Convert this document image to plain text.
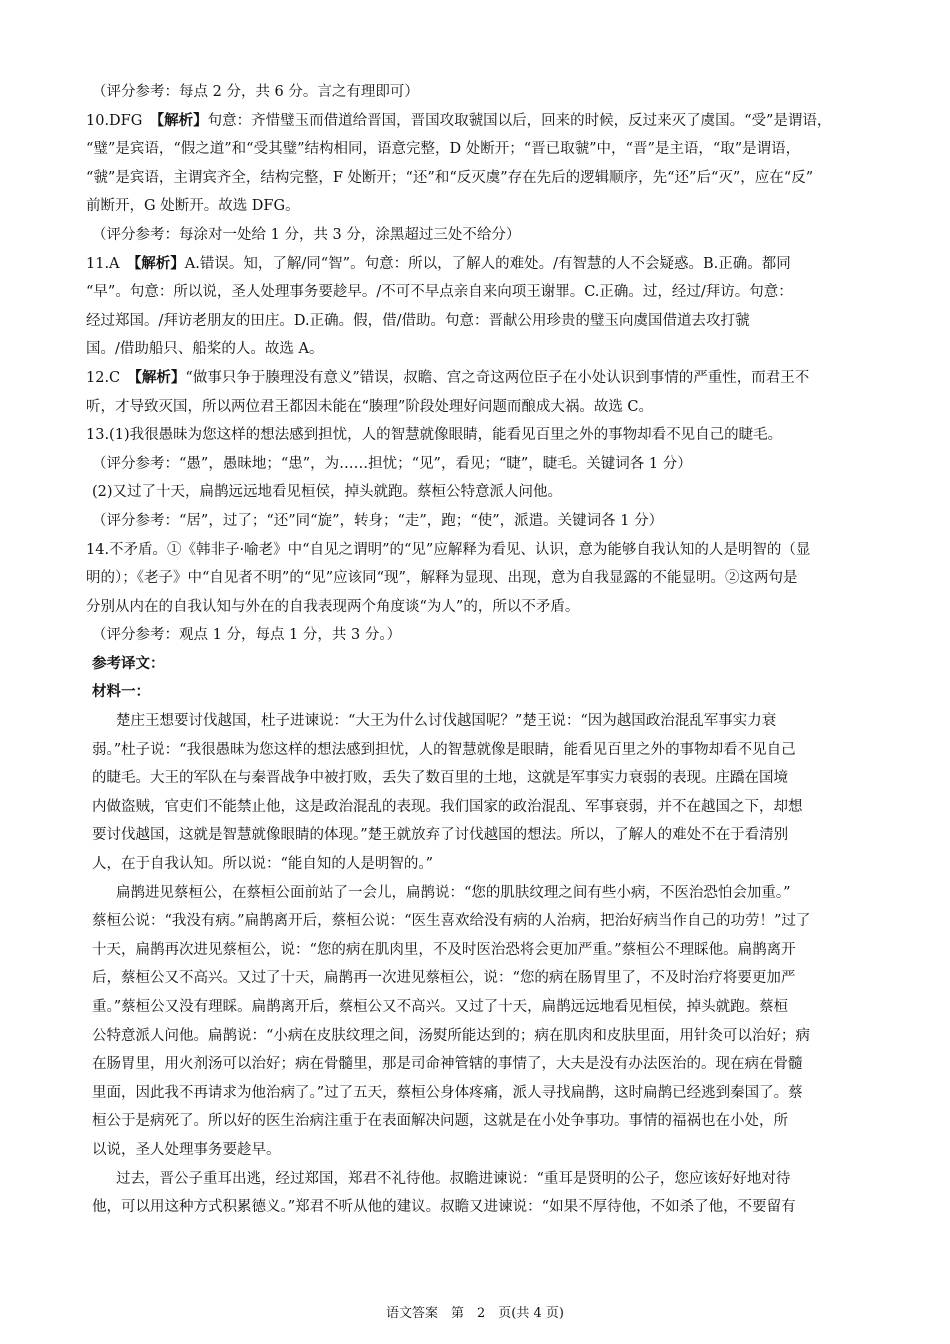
（评分参考：每点 2 分，共 6 分。言之有理即可）
10.DFG　【解析】句意：齐惜璧玉而借道给晋国，晋国攻取虢国以后，回来的时候，反过来灭了虞国。“受”是谓语，
“璧”是宾语，“假之道”和“受其璧”结构相同，语意完整，D 处断开；“晋已取虢”中，“晋”是主语，“取”是谓语，
“虢”是宾语，主谓宾齐全，结构完整，F 处断开；“还”和“反灭虞”存在先后的逻辑顺序，先“还”后“灭”，应在“反”
前断开，G 处断开。故选 DFG。
（评分参考：每涂对一处给 1 分，共 3 分，涂黑超过三处不给分）
11.A　【解析】A.错误。知，了解/同“智”。句意：所以，了解人的难处。/有智慧的人不会疑惑。B.正确。都同
“早”。句意：所以说，圣人处理事务要趁早。/不可不早点亲自来向项王谢罪。C.正确。过，经过/拜访。句意：
经过郑国。/拜访老朋友的田庄。D.正确。假，借/借助。句意：晋献公用珍贵的璧玉向虞国借道去攻打虢
国。/借助船只、船桨的人。故选 A。
12.C　【解析】“做事只争于腠理没有意义”错误，叔瞻、宫之奇这两位臣子在小处认识到事情的严重性，而君王不
听，才导致灭国，所以两位君王都因未能在“腠理”阶段处理好问题而酿成大祸。故选 C。
13.(1)我很愚昧为您这样的想法感到担忧，人的智慧就像眼睛，能看见百里之外的事物却看不见自己的睫毛。
（评分参考：“愚”，愚昧地；“患”，为……担忧；“见”，看见；“睫”，睫毛。关键词各 1 分）
(2)又过了十天，扁鹊远远地看见桓侯，掉头就跑。蔡桓公特意派人问他。
（评分参考：“居”，过了；“还”同“旋”，转身；“走”，跑；“使”，派遣。关键词各 1 分）
14.不矛盾。①《韩非子·喻老》中“自见之谓明”的“见”应解释为看见、认识，意为能够自我认知的人是明智的（显
明的）；《老子》中“自见者不明”的“见”应该同“现”，解释为显现、出现，意为自我显露的不能显明。②这两句是
分别从内在的自我认知与外在的自我表现两个角度谈“为人”的，所以不矛盾。
（评分参考：观点 1 分，每点 1 分，共 3 分。）
参考译文：
材料一：
楚庄王想要讨伐越国，杜子进谏说：“大王为什么讨伐越国呢？”楚王说：“因为越国政治混乱军事实力衰
弱。”杜子说：“我很愚昧为您这样的想法感到担忧，人的智慧就像是眼睛，能看见百里之外的事物却看不见自己
的睫毛。大王的军队在与秦晋战争中被打败，丢失了数百里的土地，这就是军事实力衰弱的表现。庄蹻在国境
内做盗贼，官吏们不能禁止他，这是政治混乱的表现。我们国家的政治混乱、军事衰弱，并不在越国之下，却想
要讨伐越国，这就是智慧就像眼睛的体现。”楚王就放弃了讨伐越国的想法。所以，了解人的难处不在于看清别
人，在于自我认知。所以说：“能自知的人是明智的。”
扁鹊进见蔡桓公，在蔡桓公面前站了一会儿，扁鹊说：“您的肌肤纹理之间有些小病，不医治恐怕会加重。”
蔡桓公说：“我没有病。”扁鹊离开后，蔡桓公说：“医生喜欢给没有病的人治病，把治好病当作自己的功劳！”过了
十天，扁鹊再次进见蔡桓公，说：“您的病在肌肉里，不及时医治恐将会更加严重。”蔡桓公不理睬他。扁鹊离开
后，蔡桓公又不高兴。又过了十天，扁鹊再一次进见蔡桓公，说：“您的病在肠胃里了，不及时治疗将要更加严
重。”蔡桓公又没有理睬。扁鹊离开后，蔡桓公又不高兴。又过了十天，扁鹊远远地看见桓侯，掉头就跑。蔡桓
公特意派人问他。扁鹊说：“小病在皮肤纹理之间，汤熨所能达到的；病在肌肉和皮肤里面，用针灸可以治好；病
在肠胃里，用火剂汤可以治好；病在骨髓里，那是司命神管辖的事情了，大夫是没有办法医治的。现在病在骨髓
里面，因此我不再请求为他治病了。”过了五天，蔡桓公身体疼痛，派人寻找扁鹊，这时扁鹊已经逃到秦国了。蔡
桓公于是病死了。所以好的医生治病注重于在表面解决问题，这就是在小处争事功。事情的福祸也在小处，所
以说，圣人处理事务要趁早。
过去，晋公子重耳出逃，经过郑国，郑君不礼待他。叔瞻进谏说：“重耳是贤明的公子，您应该好好地对待
他，可以用这种方式积累德义。”郑君不听从他的建议。叔瞻又进谏说：“如果不厚待他，不如杀了他，不要留有
语文答案　第　2　页(共 4 页)
